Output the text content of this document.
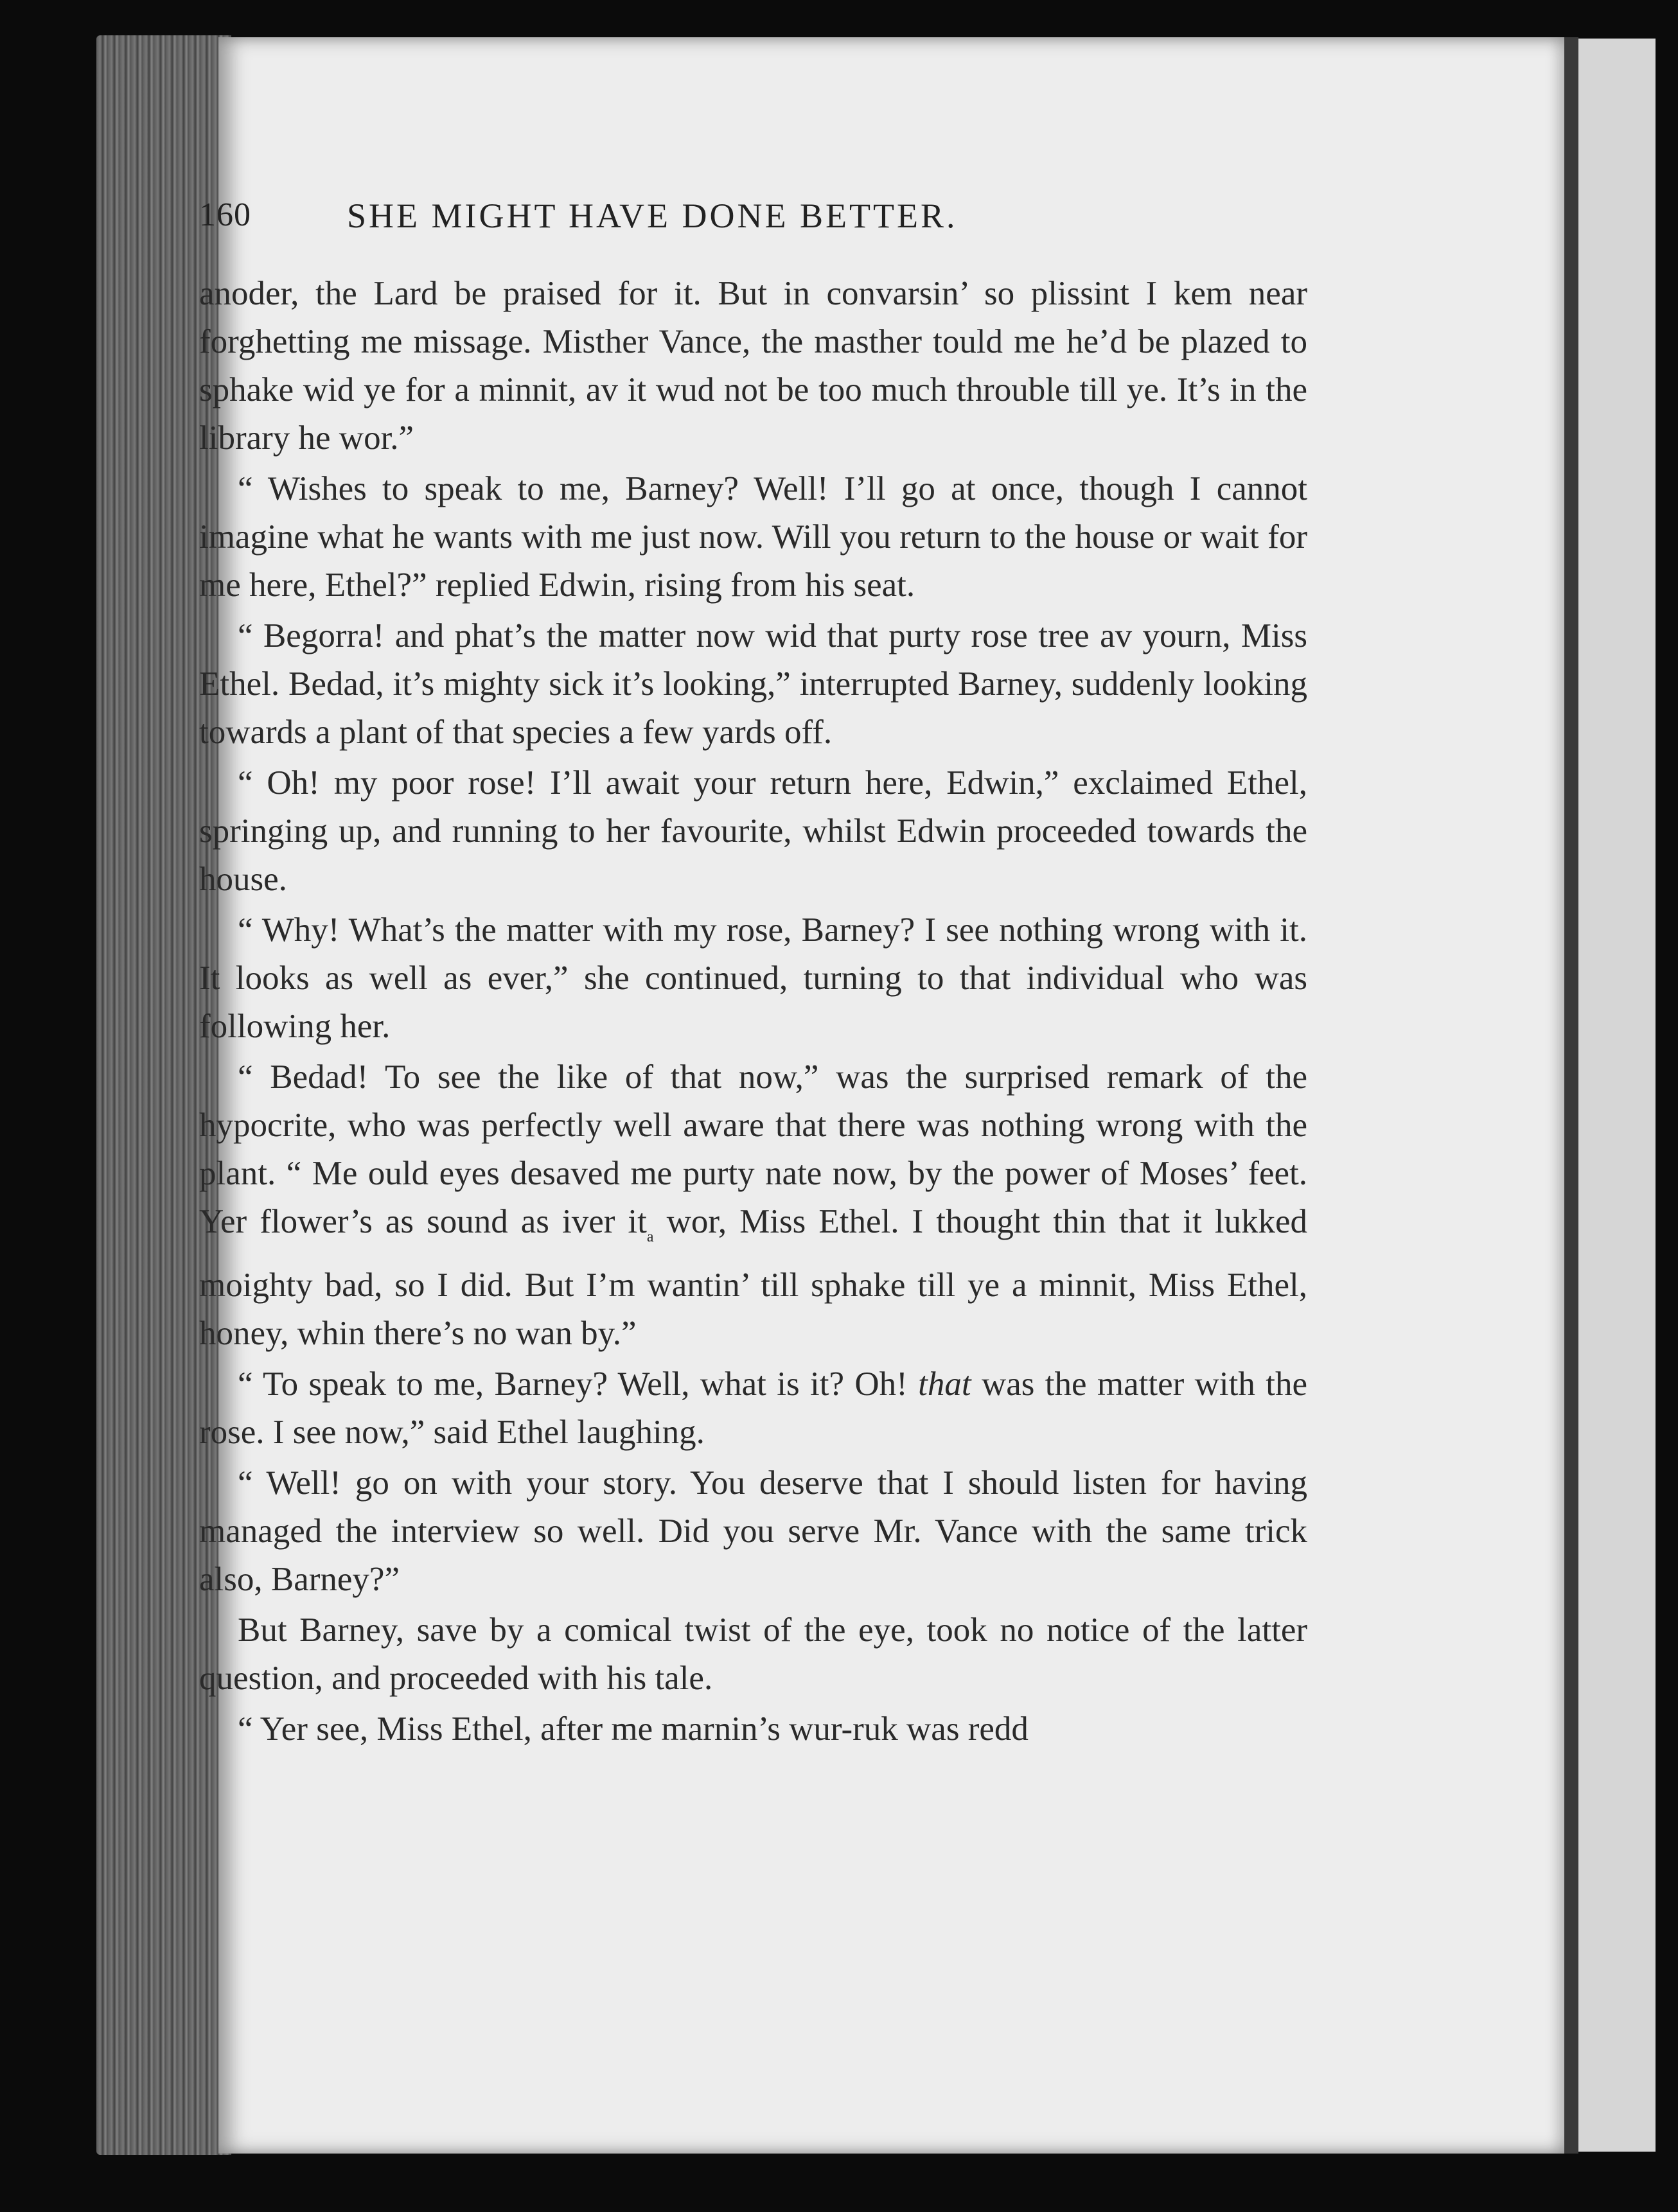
160	SHE MIGHT HAVE DONE BETTER.

anoder, the Lard be praised for it. But in convarsin’ so plissint I kem near forghetting me missage. Misther Vance, the masther tould me he’d be plazed to sphake wid ye for a minnit, av it wud not be too much throuble till ye. It’s in the library he wor.”

“ Wishes to speak to me, Barney? Well! I’ll go at once, though I cannot imagine what he wants with me just now. Will you return to the house or wait for me here, Ethel?” replied Edwin, rising from his seat.

“ Begorra! and phat’s the matter now wid that purty rose tree av yourn, Miss Ethel. Bedad, it’s mighty sick it’s looking,” interrupted Barney, suddenly looking towards a plant of that species a few yards off.

“ Oh! my poor rose! I’ll await your return here, Edwin,” exclaimed Ethel, springing up, and running to her favourite, whilst Edwin proceeded towards the house.

“ Why! What’s the matter with my rose, Barney? I see nothing wrong with it. It looks as well as ever,” she continued, turning to that individual who was following her.

“ Bedad! To see the like of that now,” was the surprised remark of the hypocrite, who was perfectly well aware that there was nothing wrong with the plant. “ Me ould eyes desaved me purty nate now, by the power of Moses’ feet. Yer flower’s as sound as iver $it_a$ wor, Miss Ethel. I thought thin that it lukked moighty bad, so I did. But I’m wantin’ till sphake till ye a minnit, Miss Ethel, honey, whin there’s no wan by.”

“ To speak to me, Barney? Well, what is it? Oh! that was the matter with the rose. I see now,” said Ethel laughing.

“ Well! go on with your story. You deserve that I should listen for having managed the interview so well. Did you serve Mr. Vance with the same trick also, Barney?”

But Barney, save by a comical twist of the eye, took no notice of the latter question, and proceeded with his tale.

“ Yer see, Miss Ethel, after me marnin’s wur-ruk was redd
